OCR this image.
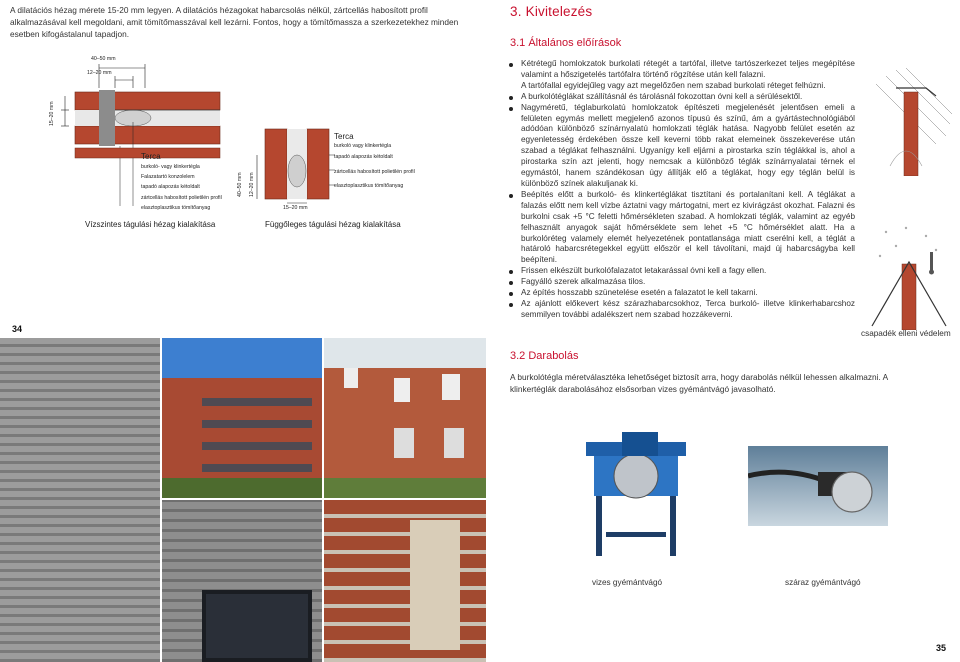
A dilatációs hézag mérete 15-20 mm legyen. A dilatációs hézagokat habarcsolás nélkül, zártcellás habosított profil alkalmazásával kell megoldani, amit tömítőmasszával kell lezárni. Fontos, hogy a tömítőmassza a szerkezetekhez minden esetben kifogástalanul tapadjon.
40–50 mm
12–20 mm
15–20 mm
Terca
burkoló- vagy klinkertégla
Falazatartó konzolelem
tapadó alapozás kétoldalt
zártcellás habosított polietilén profil
elasztoplasztikus tömítőanyag
Vízszintes tágulási hézag kialakítása
40–50 mm 12–20 mm
15–20 mm
Terca
burkoló vagy klinkertégla
tapadó alapozás kétoldalt
zártcellás habosított polietilén profil
elasztoplasztikus tömítőanyag
Függőleges tágulási hézag kialakítása
34
3. Kivitelezés
3.1 Általános előírások
Kétrétegű homlokzatok burkolati rétegét a tartófal, illetve tartószerkezet teljes megépítése valamint a hőszigetelés tartófalra történő rögzítése után kell falazni.
A tartófallal egyidejűleg vagy azt megelőzően nem szabad burkolati réteget felhúzni.
A burkolótéglákat szállításnál és tárolásnál fokozottan óvni kell a sérülésektől.
Nagyméretű, téglaburkolatú homlokzatok építészeti megjelenését jelentősen emeli a felületen egymás mellett megjelenő azonos típusú és színű, ám a gyártástechnológiából adódóan különböző színárnyalatú homlokzati téglák hatása. Nagyobb felület esetén az egyenletesség érdekében össze kell keverni több rakat elemeinek összekeverése után szabad a téglákat felhasználni. Ugyanígy kell eljárni a pirostarka szín téglákkal is, ahol a pirostarka szín azt jelenti, hogy nemcsak a különböző téglák színárnyalatai térnek el egymástól, hanem szándékosan úgy állítják elő a téglákat, hogy egy téglán belül is különböző színek alakuljanak ki.
Beépítés előtt a burkoló- és klinkertéglákat tisztítani és portalanítani kell. A téglákat a falazás előtt nem kell vízbe áztatni vagy mártogatni, mert ez kivirágzást okozhat. Falazni és burkolni csak +5 °C feletti hőmérsékleten szabad. A homlokzati téglák, valamint az egyéb felhasznált anyagok saját hőmérséklete sem lehet +5 °C hőmérséklet alatt. Ha a burkolóréteg valamely elemét helyezetének pontatlansága miatt cserélni kell, a téglát a határoló habarcsrétegekkel együtt először el kell távolítani, majd új habarcságyba kell beépíteni.
Frissen elkészült burkolófalazatot letakarással óvni kell a fagy ellen.
Fagyálló szerek alkalmazása tilos.
Az építés hosszabb szünetelése esetén a falazatot le kell takarni.
Az ajánlott előkevert kész szárazhabarcsokhoz, Terca burkoló- illetve klinkerhabarcshoz semmilyen további adalékszert nem szabad hozzákeverni.
csapadék elleni védelem
3.2 Darabolás
A burkolótégla méretválasztéka lehetőséget biztosít arra, hogy darabolás nélkül lehessen alkalmazni. A klinkertéglák darabolásához elsősorban vizes gyémántvágó javasolható.
vizes gyémántvágó	száraz gyémántvágó
35
